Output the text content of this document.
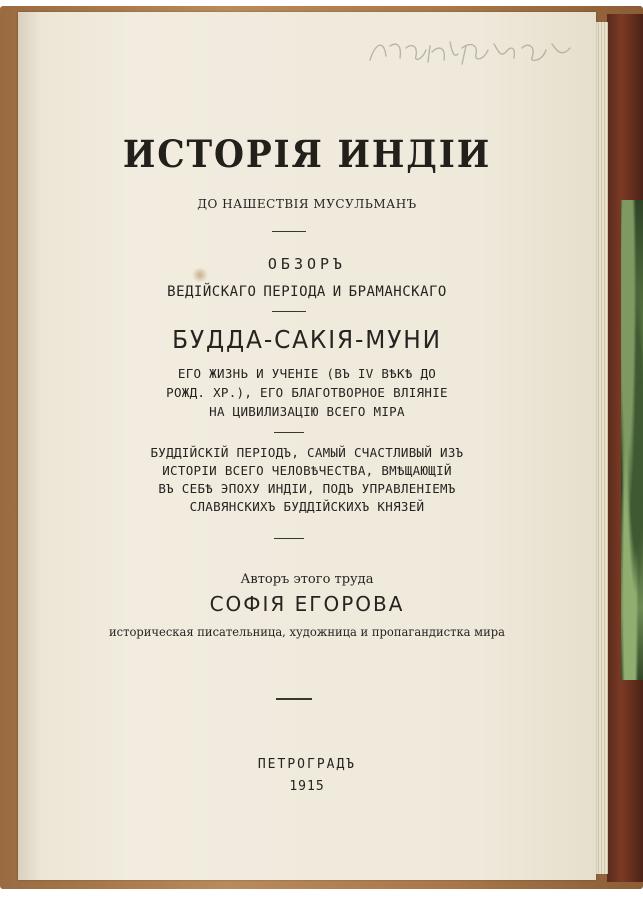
ИСТОРІЯ ИНДІИ
ДО НАШЕСТВІЯ МУСУЛЬМАНЪ
ОБЗОРЪ
ВЕДІЙСКАГО ПЕРІОДА И БРАМАНСКАГО
БУДДА-САКІЯ-МУНИ
ЕГО ЖИЗНЬ И УЧЕНІЕ (ВЪ IV ВѢКѢ ДО
РОЖД. ХР.), ЕГО БЛАГОТВОРНОЕ ВЛІЯНІЕ
НА ЦИВИЛИЗАЦІЮ ВСЕГО МІРА
БУДДІЙСКІЙ ПЕРІОДЪ, САМЫЙ СЧАСТЛИВЫЙ ИЗЪ
ИСТОРІИ ВСЕГО ЧЕЛОВѢЧЕСТВА, ВМѢЩАЮЩІЙ
ВЪ СЕБѢ ЭПОХУ ИНДІИ, ПОДЪ УПРАВЛЕНІЕМЪ
СЛАВЯНСКИХЪ БУДДІЙСКИХЪ КНЯЗЕЙ
Авторъ этого труда
СОФІЯ ЕГОРОВА
историческая писательница, художница и пропагандистка мира
ПЕТРОГРАДЪ
1915
